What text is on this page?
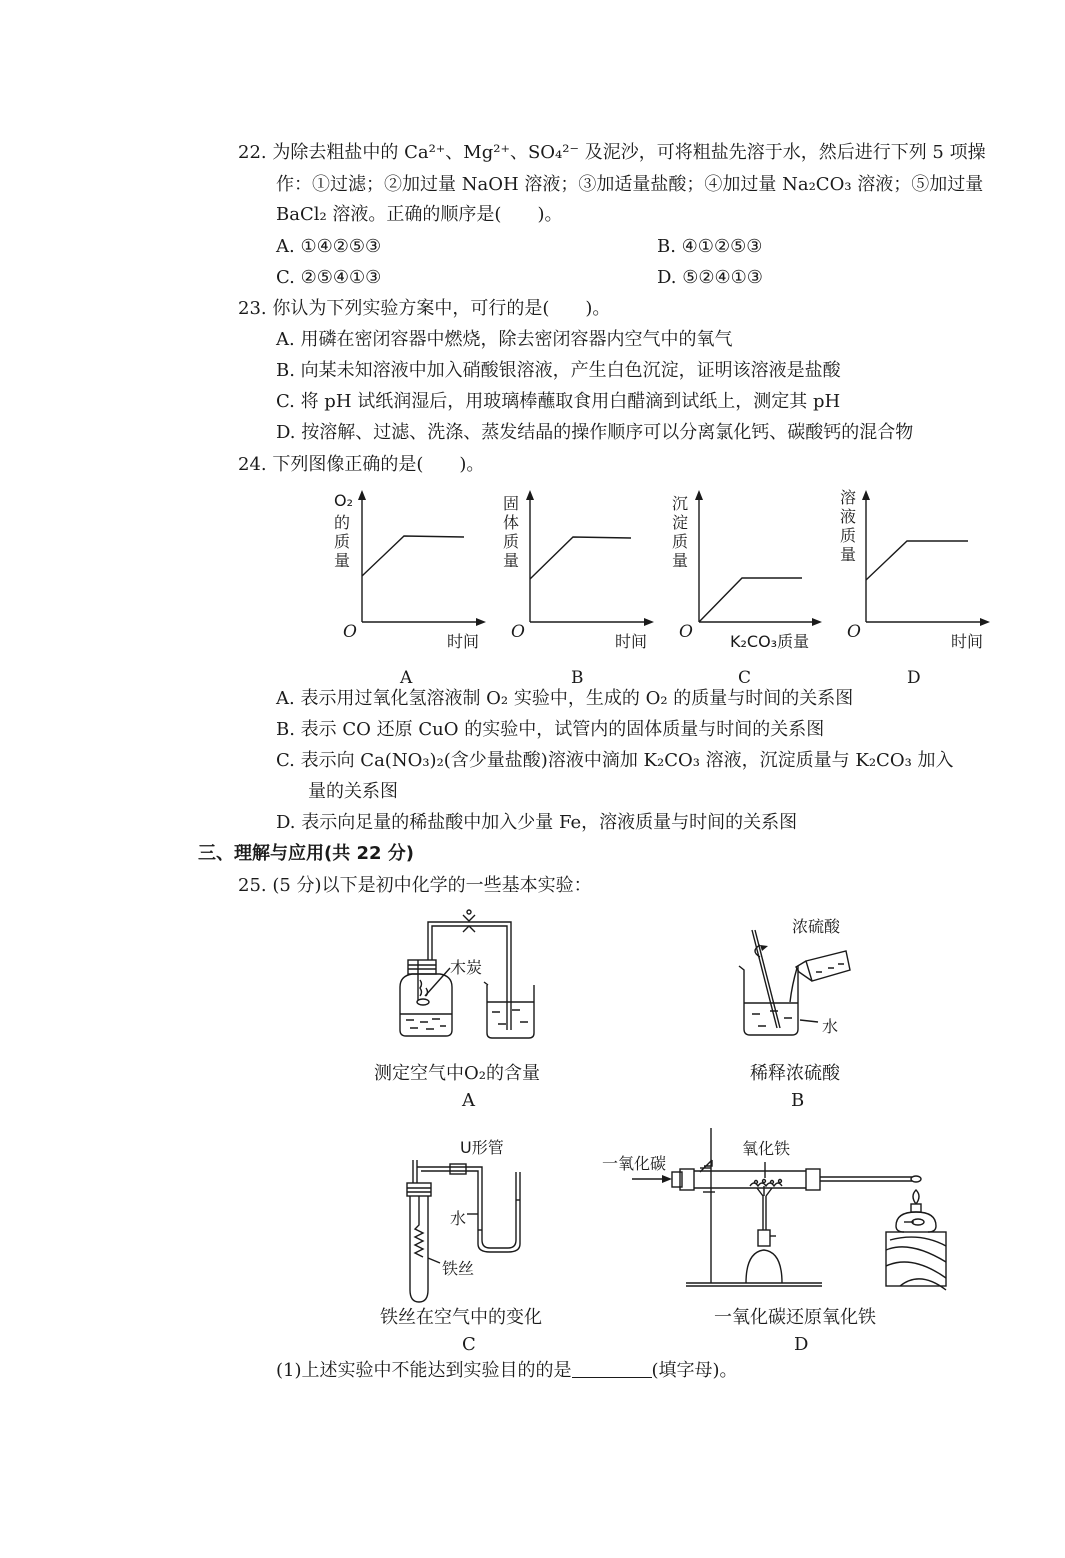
22. 为除去粗盐中的 Ca²⁺、Mg²⁺、SO₄²⁻ 及泥沙，可将粗盐先溶于水，然后进行下列 5 项操
作：①过滤；②加过量 NaOH 溶液；③加适量盐酸；④加过量 Na₂CO₃ 溶液；⑤加过量
BaCl₂ 溶液。正确的顺序是(　　)。
A. ①④②⑤③	B. ④①②⑤③
C. ②⑤④①③	D. ⑤②④①③
23. 你认为下列实验方案中，可行的是(　　)。
A. 用磷在密闭容器中燃烧，除去密闭容器内空气中的氧气
B. 向某未知溶液中加入硝酸银溶液，产生白色沉淀，证明该溶液是盐酸
C. 将 pH 试纸润湿后，用玻璃棒蘸取食用白醋滴到试纸上，测定其 pH
D. 按溶解、过滤、洗涤、蒸发结晶的操作顺序可以分离氯化钙、碳酸钙的混合物
24. 下列图像正确的是(　　)。
O₂
的
质
量
O	时间
A
固
体
质
量
O	时间
B
沉
淀
质
量
O K₂CO₃质量
C
溶
液
质
量
O	时间
D
A. 表示用过氧化氢溶液制 O₂ 实验中，生成的 O₂ 的质量与时间的关系图
B. 表示 CO 还原 CuO 的实验中，试管内的固体质量与时间的关系图
C. 表示向 Ca(NO₃)₂(含少量盐酸)溶液中滴加 K₂CO₃ 溶液，沉淀质量与 K₂CO₃ 加入
量的关系图
D. 表示向足量的稀盐酸中加入少量 Fe，溶液质量与时间的关系图
三、理解与应用(共 22 分)
25. (5 分)以下是初中化学的一些基本实验：
木炭
测定空气中O₂的含量
A
浓硫酸
水
稀释浓硫酸
B
U形管
水
铁丝
铁丝在空气中的变化
C
一氧化碳
氧化铁
一氧化碳还原氧化铁
D
(1)上述实验中不能达到实验目的的是	(填字母)。
